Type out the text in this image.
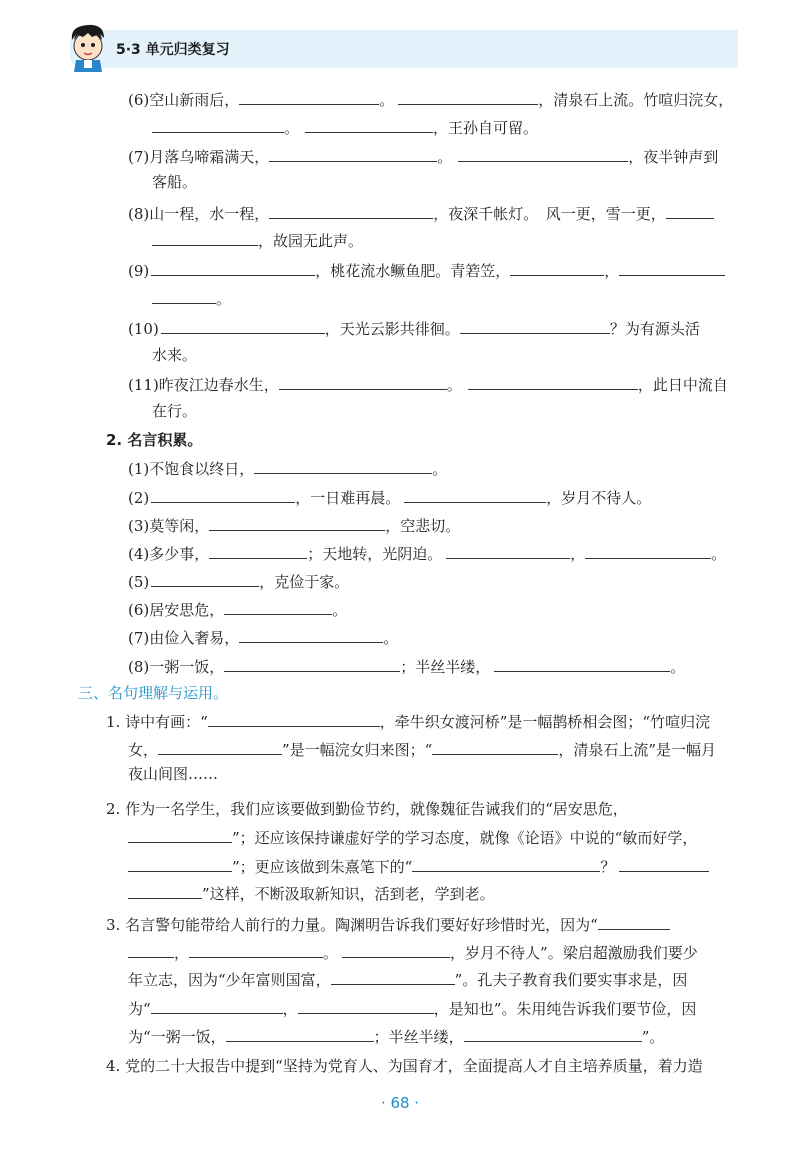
5·3 单元归类复习
(6)空山新雨后，	。	，清泉石上流。竹喧归浣女，
。	，王孙自可留。
(7)月落乌啼霜满天，	。	，夜半钟声到
客船。
(8)山一程，水一程，	，夜深千帐灯。　风一更，雪一更，
，故园无此声。
(9)	，桃花流水鳜鱼肥。青箬笠，	，
。
(10)	，天光云影共徘徊。	？为有源头活
水来。
(11)昨夜江边春水生，	。	，此日中流自
在行。
2. 名言积累。
(1)不饱食以终日，	。
(2)	，一日难再晨。	，岁月不待人。
(3)莫等闲，	，空悲切。
(4)多少事，	；天地转，光阴迫。	，	。
(5)	，克俭于家。
(6)居安思危，	。
(7)由俭入奢易，	。
(8)一粥一饭，	；半丝半缕，	。
三、名句理解与运用。
1. 诗中有画：“	，牵牛织女渡河桥”是一幅鹊桥相会图；“竹喧归浣
女，	”是一幅浣女归来图；“	，清泉石上流”是一幅月
夜山间图……
2. 作为一名学生，我们应该要做到勤俭节约，就像魏征告诫我们的“居安思危，
”；还应该保持谦虚好学的学习态度，就像《论语》中说的“敏而好学，
”；更应该做到朱熹笔下的“	？
”这样，不断汲取新知识，活到老，学到老。
3. 名言警句能带给人前行的力量。陶渊明告诉我们要好好珍惜时光，因为“
，	。	，岁月不待人”。梁启超激励我们要少
年立志，因为“少年富则国富，	”。孔夫子教育我们要实事求是，因
为“	，	，是知也”。朱用纯告诉我们要节俭，因
为“一粥一饭，	；半丝半缕，	”。
4. 党的二十大报告中提到“坚持为党育人、为国育才，全面提高人才自主培养质量，着力造
· 68 ·
